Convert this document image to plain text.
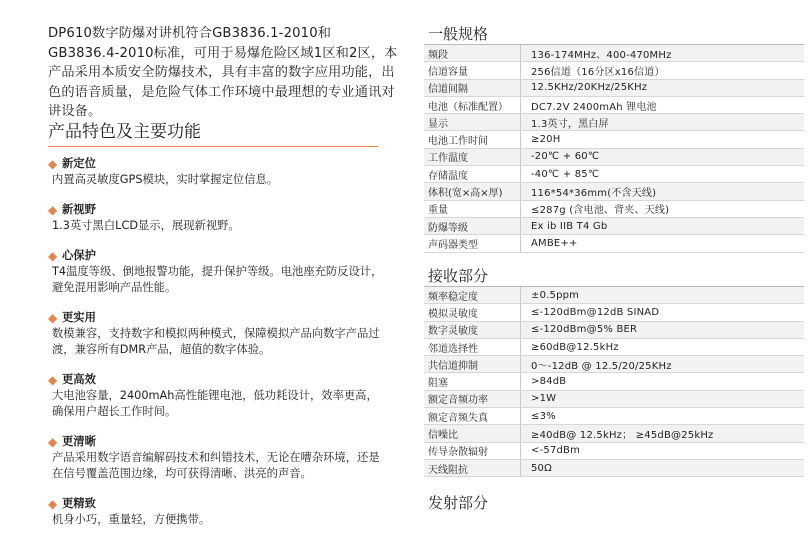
DP610数字防爆对讲机符合GB3836.1-2010和GB3836.4-2010标准，可用于易爆危险区域1区和2区，本产品采用本质安全防爆技术，具有丰富的数字应用功能，出色的语音质量，是危险气体工作环境中最理想的专业通讯对讲设备。
产品特色及主要功能
◆ 新定位
内置高灵敏度GPS模块，实时掌握定位信息。
◆ 新视野
1.3英寸黑白LCD显示，展现新视野。
◆ 心保护
T4温度等级、倒地报警功能，提升保护等级。电池座充防反设计，避免混用影响产品性能。
◆ 更实用
数模兼容，支持数字和模拟两种模式，保障模拟产品向数字产品过渡，兼容所有DMR产品，超值的数字体验。
◆ 更高效
大电池容量，2400mAh高性能锂电池，低功耗设计，效率更高，确保用户超长工作时间。
◆ 更清晰
产品采用数字语音编解码技术和纠错技术，无论在嘈杂环境，还是在信号覆盖范围边缘，均可获得清晰、洪亮的声音。
◆ 更精致
机身小巧，重量轻，方便携带。
一般规格
频段	136-174MHz、400-470MHz
信道容量	256信道（16分区x16信道）
信道间隔	12.5KHz/20KHz/25KHz
电池（标准配置）	DC7.2V 2400mAh 锂电池
显示	1.3英寸，黑白屏
电池工作时间	≥20H
工作温度	-20℃ + 60℃
存储温度	-40℃ + 85℃
体积(宽×高×厚)	116*54*36mm(不含天线)
重量	≤287g (含电池、背夹、天线)
防爆等级	Ex ib IIB T4 Gb
声码器类型	AMBE++
接收部分
频率稳定度	±0.5ppm
模拟灵敏度	≤-120dBm@12dB SINAD
数字灵敏度	≤-120dBm@5% BER
邻道选择性	≥60dB@12.5kHz
共信道抑制	0～-12dB @ 12.5/20/25KHz
阻塞	>84dB
额定音频功率	>1W
额定音频失真	≤3%
信噪比	≥40dB@ 12.5kHz； ≥45dB@25kHz
传导杂散辐射	<-57dBm
天线阻抗	50Ω
发射部分
